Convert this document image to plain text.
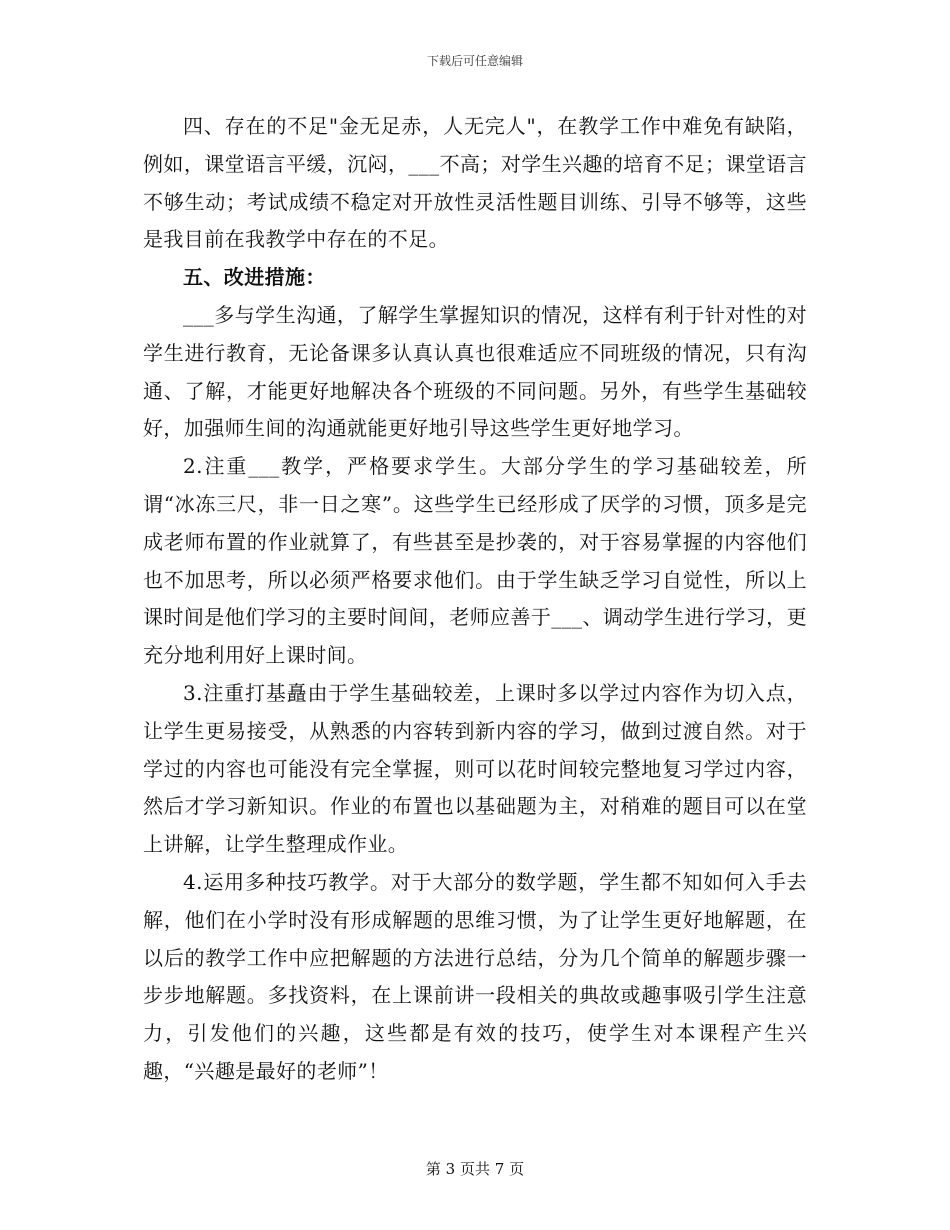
下载后可任意编辑

四、存在的不足"金无足赤，人无完人"，在教学工作中难免有缺陷，例如，课堂语言平缓，沉闷，___不高；对学生兴趣的培育不足；课堂语言不够生动；考试成绩不稳定对开放性灵活性题目训练、引导不够等，这些是我目前在我教学中存在的不足。

五、改进措施：

___多与学生沟通，了解学生掌握知识的情况，这样有利于针对性的对学生进行教育，无论备课多认真认真也很难适应不同班级的情况，只有沟通、了解，才能更好地解决各个班级的不同问题。另外，有些学生基础较好，加强师生间的沟通就能更好地引导这些学生更好地学习。

2.注重___教学，严格要求学生。大部分学生的学习基础较差，所谓“冰冻三尺，非一日之寒”。这些学生已经形成了厌学的习惯，顶多是完成老师布置的作业就算了，有些甚至是抄袭的，对于容易掌握的内容他们也不加思考，所以必须严格要求他们。由于学生缺乏学习自觉性，所以上课时间是他们学习的主要时间间，老师应善于___、调动学生进行学习，更充分地利用好上课时间。

3.注重打基矗由于学生基础较差，上课时多以学过内容作为切入点，让学生更易接受，从熟悉的内容转到新内容的学习，做到过渡自然。对于学过的内容也可能没有完全掌握，则可以花时间较完整地复习学过内容，然后才学习新知识。作业的布置也以基础题为主，对稍难的题目可以在堂上讲解，让学生整理成作业。

4.运用多种技巧教学。对于大部分的数学题，学生都不知如何入手去解，他们在小学时没有形成解题的思维习惯，为了让学生更好地解题，在以后的教学工作中应把解题的方法进行总结，分为几个简单的解题步骤一步步地解题。多找资料，在上课前讲一段相关的典故或趣事吸引学生注意力，引发他们的兴趣，这些都是有效的技巧，使学生对本课程产生兴趣，“兴趣是最好的老师”！

第 3 页共 7 页
